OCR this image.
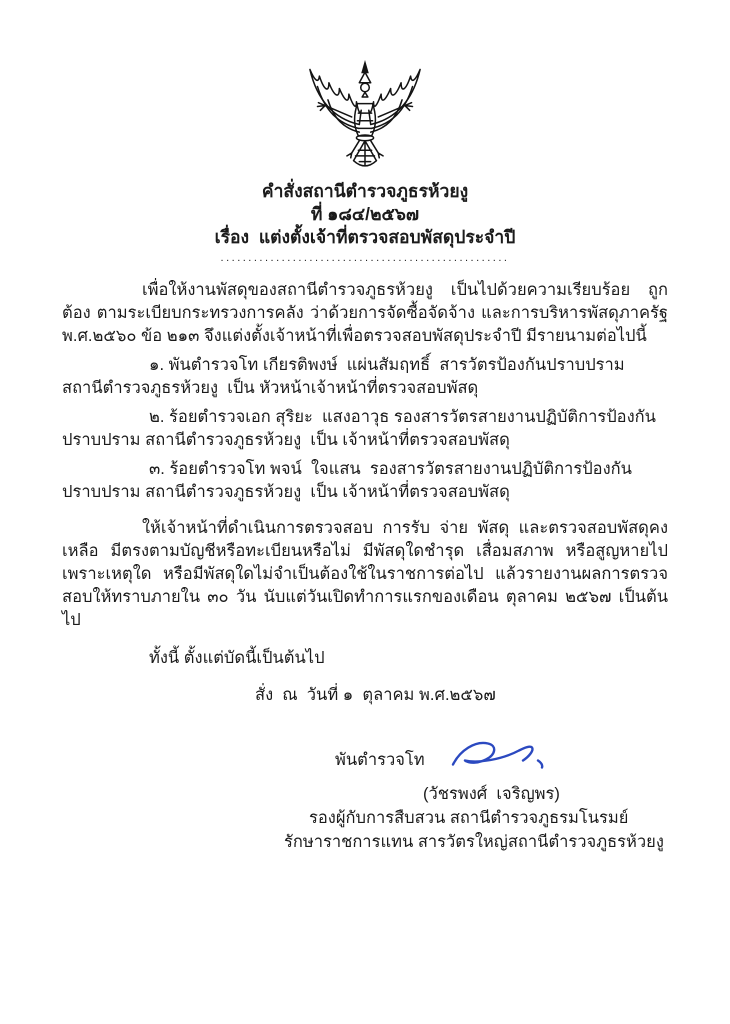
คำสั่งสถานีตำรวจภูธรห้วยงู
ที่ ๑๘๔/๒๕๖๗
เรื่อง  แต่งตั้งเจ้าที่ตรวจสอบพัสดุประจำปี
....................................................

เพื่อให้งานพัสดุของสถานีตำรวจภูธรห้วยงู เป็นไปด้วยความเรียบร้อย ถูกต้อง ตามระเบียบกระทรวงการคลัง ว่าด้วยการจัดซื้อจัดจ้าง และการบริหารพัสดุภาครัฐ พ.ศ.๒๕๖๐ ข้อ ๒๑๓ จึงแต่งตั้งเจ้าหน้าที่เพื่อตรวจสอบพัสดุประจำปี มีรายนามต่อไปนี้

๑. พันตำรวจโท เกียรติพงษ์  แผ่นสัมฤทธิ์  สารวัตรป้องกันปราบปราม สถานีตำรวจภูธรห้วยงู  เป็น หัวหน้าเจ้าหน้าที่ตรวจสอบพัสดุ

๒. ร้อยตำรวจเอก สุริยะ  แสงอาวุธ รองสารวัตรสายงานปฏิบัติการป้องกันปราบปราม สถานีตำรวจภูธรห้วยงู  เป็น เจ้าหน้าที่ตรวจสอบพัสดุ

๓. ร้อยตำรวจโท พจน์  ใจแสน  รองสารวัตรสายงานปฏิบัติการป้องกันปราบปราม สถานีตำรวจภูธรห้วยงู  เป็น เจ้าหน้าที่ตรวจสอบพัสดุ

ให้เจ้าหน้าที่ดำเนินการตรวจสอบ การรับ จ่าย พัสดุ และตรวจสอบพัสดุคงเหลือ มีตรงตามบัญชีหรือทะเบียนหรือไม่ มีพัสดุใดชำรุด เสื่อมสภาพ หรือสูญหายไปเพราะเหตุใด หรือมีพัสดุใดไม่จำเป็นต้องใช้ในราชการต่อไป แล้วรายงานผลการตรวจสอบให้ทราบภายใน ๓๐ วัน นับแต่วันเปิดทำการแรกของเดือน ตุลาคม ๒๕๖๗ เป็นต้นไป

ทั้งนี้ ตั้งแต่บัดนี้เป็นต้นไป

สั่ง  ณ  วันที่ ๑  ตุลาคม พ.ศ.๒๕๖๗

พันตำรวจโท
(วัชรพงศ์  เจริญพร)
รองผู้กับการสืบสวน สถานีตำรวจภูธรมโนรมย์
รักษาราชการแทน สารวัตรใหญ่สถานีตำรวจภูธรห้วยงู
